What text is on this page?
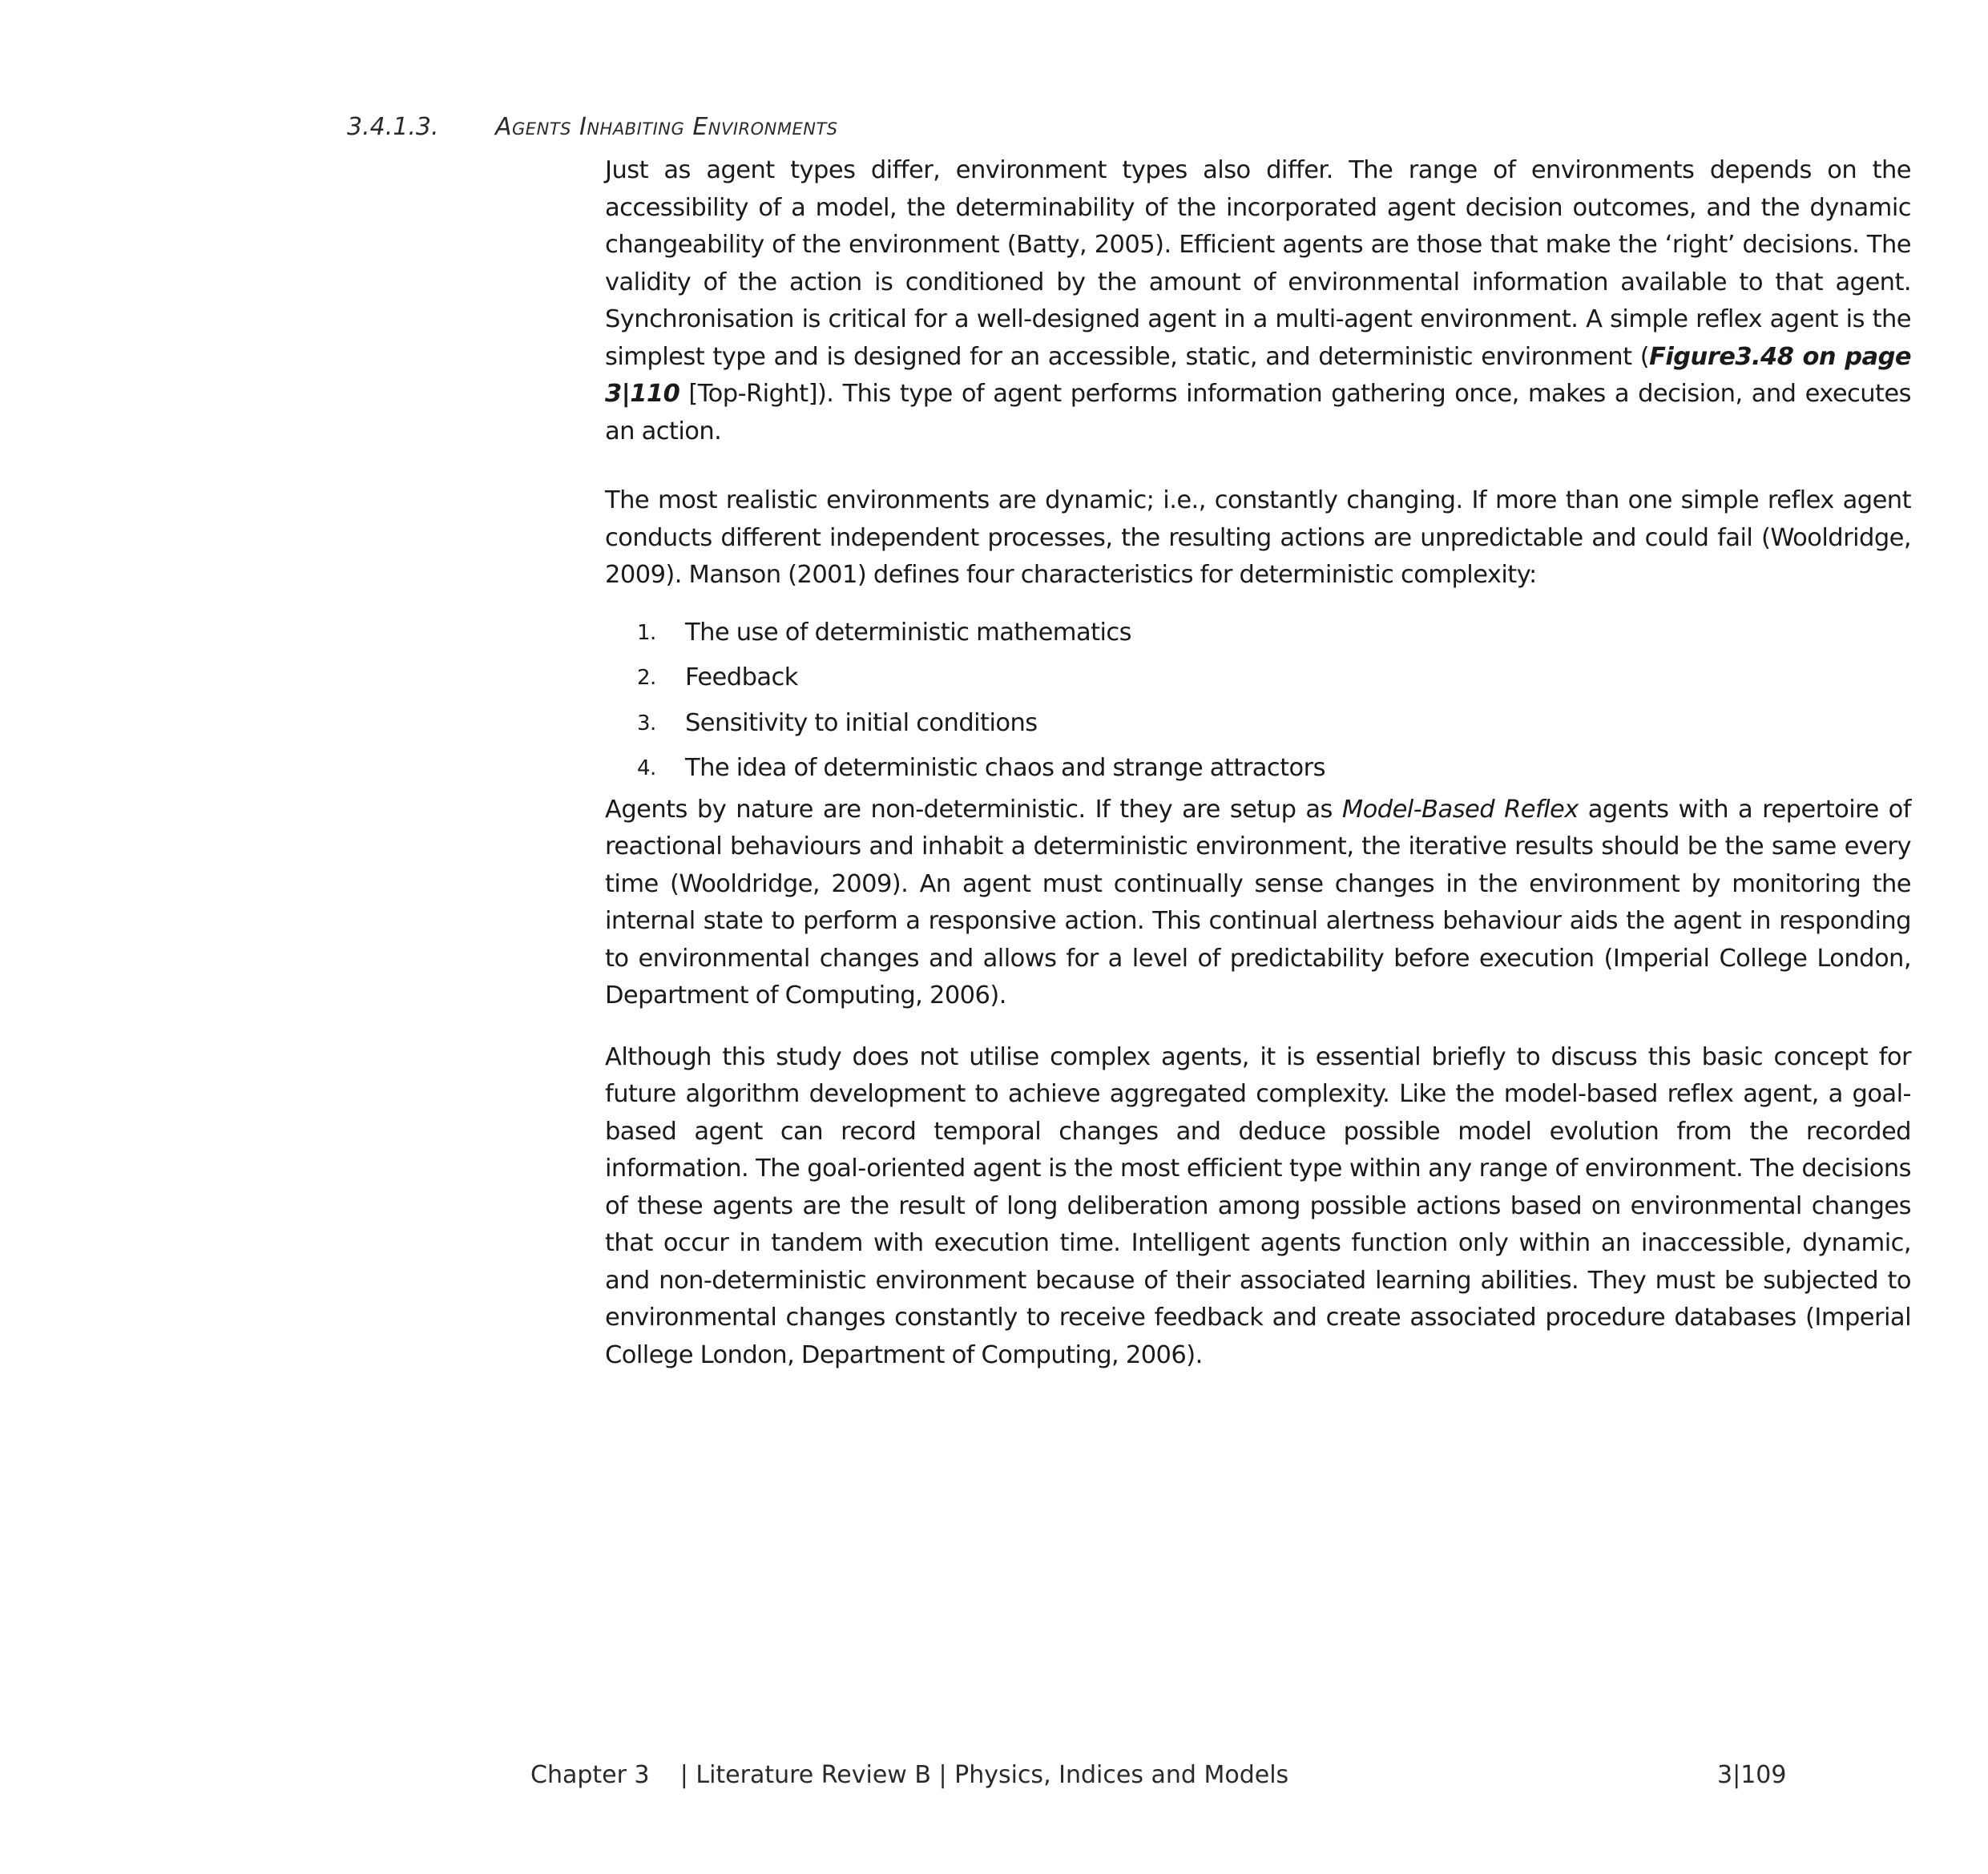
3.4.1.3. Agents Inhabiting Environments

Just as agent types differ, environment types also differ. The range of environments depends on the accessibility of a model, the determinability of the incorporated agent decision outcomes, and the dynamic changeability of the environment (Batty, 2005). Efficient agents are those that make the ‘right’ decisions. The validity of the action is conditioned by the amount of environmental information available to that agent. Synchronisation is critical for a well-designed agent in a multi-agent environment. A simple reflex agent is the simplest type and is designed for an accessible, static, and deterministic environment (Figure3.48 on page 3|110 [Top-Right]). This type of agent performs information gathering once, makes a decision, and executes an action.

The most realistic environments are dynamic; i.e., constantly changing. If more than one simple reflex agent conducts different independent processes, the resulting actions are unpredictable and could fail (Wooldridge, 2009). Manson (2001) defines four characteristics for deterministic complexity:

1.	The use of deterministic mathematics
2.	Feedback
3.	Sensitivity to initial conditions
4.	The idea of deterministic chaos and strange attractors

Agents by nature are non-deterministic. If they are setup as Model-Based Reflex agents with a repertoire of reactional behaviours and inhabit a deterministic environment, the iterative results should be the same every time (Wooldridge, 2009). An agent must continually sense changes in the environment by monitoring the internal state to perform a responsive action. This continual alertness behaviour aids the agent in responding to environmental changes and allows for a level of predictability before execution (Imperial College London, Department of Computing, 2006).

Although this study does not utilise complex agents, it is essential briefly to discuss this basic concept for future algorithm development to achieve aggregated complexity. Like the model-based reflex agent, a goal-based agent can record temporal changes and deduce possible model evolution from the recorded information. The goal-oriented agent is the most efficient type within any range of environment. The decisions of these agents are the result of long deliberation among possible actions based on environmental changes that occur in tandem with execution time. Intelligent agents function only within an inaccessible, dynamic, and non-deterministic environment because of their associated learning abilities. They must be subjected to environmental changes constantly to receive feedback and create associated procedure databases (Imperial College London, Department of Computing, 2006).

Chapter 3    | Literature Review B | Physics, Indices and Models	3|109
